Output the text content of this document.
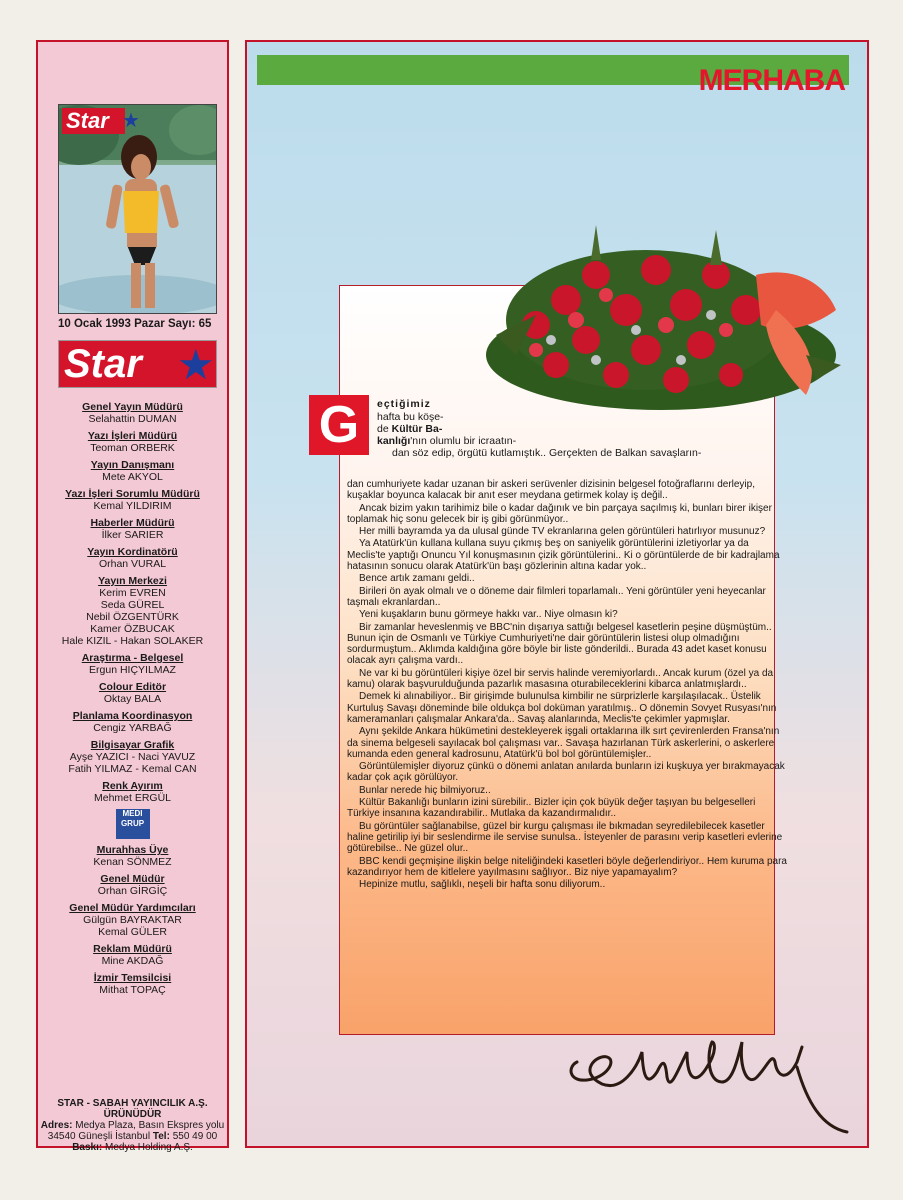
Star ★
10 Ocak 1993 Pazar Sayı: 65
Star ★
Genel Yayın Müdürü
Selahattin DUMAN
Yazı İşleri Müdürü
Teoman ORBERK
Yayın Danışmanı
Mete AKYOL
Yazı İşleri Sorumlu Müdürü
Kemal YILDIRIM
Haberler Müdürü
İlker SARIER
Yayın Kordinatörü
Orhan VURAL
Yayın Merkezi
Kerim EVREN
Seda GÜREL
Nebil ÖZGENTÜRK
Kamer ÖZBUCAK
Hale KIZIL - Hakan SOLAKER
Araştırma - Belgesel
Ergun HIÇYILMAZ
Colour Editör
Oktay BALA
Planlama Koordinasyon
Cengiz YARBAĞ
Bilgisayar Grafik
Ayşe YAZICI - Naci YAVUZ
Fatih YILMAZ - Kemal CAN
Renk Ayırım
Mehmet ERGÜL
MEDI GRUP
Murahhas Üye
Kenan SÖNMEZ
Genel Müdür
Orhan GİRGİÇ
Genel Müdür Yardımcıları
Gülgün BAYRAKTAR
Kemal GÜLER
Reklam Müdürü
Mine AKDAĞ
İzmir Temsilcisi
Mithat TOPAÇ
STAR - SABAH YAYINCILIK A.Ş.
ÜRÜNÜDÜR
Adres: Medya Plaza, Basın Ekspres yolu
34540 Güneşli İstanbul Tel: 550 49 00
Baskı: Medya Holding A.Ş.
MERHABA
G	eçtiğimiz
hafta bu köşe-
de Kültür Ba-
kanlığı'nın olumlu bir icraatın-
dan söz edip, örgütü kutlamıştık.. Gerçekten de Balkan savaşların-

dan cumhuriyete kadar uzanan bir askeri serüvenler dizisinin belgesel fotoğraflarını derleyip, kuşaklar boyunca kalacak bir anıt eser meydana getirmek kolay iş değil..

Ancak bizim yakın tarihimiz bile o kadar dağınık ve bin parçaya saçılmış ki, bunları birer ikişer toplamak hiç sonu gelecek bir iş gibi görünmüyor..

Her milli bayramda ya da ulusal günde TV ekranlarına gelen görüntüleri hatırlıyor musunuz?

Ya Atatürk'ün kullana kullana suyu çıkmış beş on saniyelik görüntülerini izletiyorlar ya da Meclis'te yaptığı Onuncu Yıl konuşmasının çizik görüntülerini.. Ki o görüntülerde de bir kadrajlama hatasının sonucu olarak Atatürk'ün başı gözlerinin altına kadar yok..

Bence artık zamanı geldi..

Birileri ön ayak olmalı ve o döneme dair filmleri toparlamalı.. Yeni görüntüler yeni heyecanlar taşmalı ekranlardan..

Yeni kuşakların bunu görmeye hakkı var.. Niye olmasın ki?

Bir zamanlar heveslenmiş ve BBC'nin dışarıya sattığı belgesel kasetlerin peşine düşmüştüm.. Bunun için de Osmanlı ve Türkiye Cumhuriyeti'ne dair görüntülerin listesi olup olmadığını sordurmuştum.. Aklımda kaldığına göre böyle bir liste gönderildi.. Burada 43 adet kaset konusu olacak ayrı çalışma vardı..

Ne var ki bu görüntüleri kişiye özel bir servis halinde veremiyorlardı.. Ancak kurum (özel ya da kamu) olarak başvurulduğunda pazarlık masasına oturabileceklerini kibarca anlatmışlardı..

Demek ki alınabiliyor.. Bir girişimde bulunulsa kimbilir ne sürprizlerle karşılaşılacak.. Üstelik Kurtuluş Savaşı döneminde bile oldukça bol doküman yaratılmış.. O dönemin Sovyet Rusyası'nın kameramanları çalışmalar Ankara'da.. Savaş alanlarında, Meclis'te çekimler yapmışlar.

Aynı şekilde Ankara hükümetini destekleyerek işgali ortaklarına ilk sırt çevirenlerden Fransa'nın da sinema belgeseli sayılacak bol çalışması var.. Savaşa hazırlanan Türk askerlerini, o askerlere kumanda eden general kadrosunu, Atatürk'ü bol bol görüntülemişler..

Görüntülemişler diyoruz çünkü o dönemi anlatan anılarda bunların izi kuşkuya yer bırakmayacak kadar çok açık görülüyor.

Bunlar nerede hiç bilmiyoruz..

Kültür Bakanlığı bunların izini sürebilir.. Bizler için çok büyük değer taşıyan bu belgeselleri Türkiye insanına kazandırabilir.. Mutlaka da kazandırmalıdır..

Bu görüntüler sağlanabilse, güzel bir kurgu çalışması ile bıkmadan seyredilebilecek kasetler haline getirilip iyi bir seslendirme ile servise sunulsa.. İsteyenler de parasını verip kasetleri evlerine götürebilse.. Ne güzel olur..

BBC kendi geçmişine ilişkin belge niteliğindeki kasetleri böyle değerlendiriyor.. Hem kuruma para kazandırıyor hem de kitlelere yayılmasını sağlıyor.. Biz niye yapamayalım?

Hepinize mutlu, sağlıklı, neşeli bir hafta sonu diliyorum..
